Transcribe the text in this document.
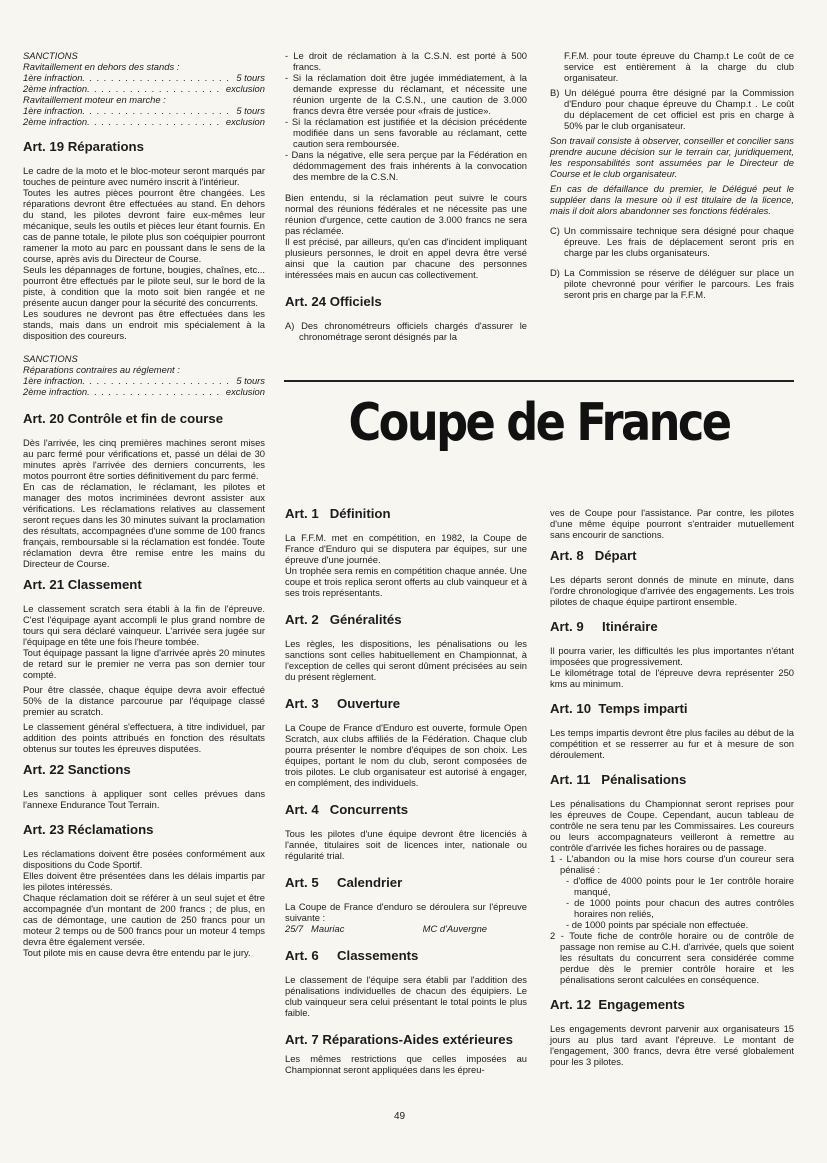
SANCTIONS
Ravitaillement en dehors des stands :
1ère infraction . . .	5 tours
2ème infraction . . .	exclusion
Ravitaillement moteur en marche :
1ère infraction . . .	5 tours
2ème infraction . . .	exclusion
Art. 19 Réparations

Le cadre de la moto et le bloc-moteur seront marqués par touches de peinture avec numéro inscrit à l'intérieur.

Toutes les autres pièces pourront être changées. Les réparations devront être effectuées au stand. En dehors du stand, les pilotes devront faire eux-mêmes leur mécanique, seuls les outils et pièces leur étant fournis. En cas de panne totale, le pilote plus son coéquipier pourront ramener la moto au parc en poussant dans le sens de la course, après avis du Directeur de Course.

Seuls les dépannages de fortune, bougies, chaînes, etc... pourront être effectués par le pilote seul, sur le bord de la piste, à condition que la moto soit bien rangée et ne présente aucun danger pour la sécurité des concurrents.

Les soudures ne devront pas être effectuées dans les stands, mais dans un endroit mis spécialement à la disposition des coureurs.

SANCTIONS
Réparations contraires au réglement :
1ère infraction . . .	5 tours
2ème infraction . . .	exclusion
Art. 20 Contrôle et fin de course

Dès l'arrivée, les cinq premières machines seront mises au parc fermé pour vérifications et, passé un délai de 30 minutes après l'arrivée des derniers concurrents, les motos pourront être sorties définitivement du parc fermé.

En cas de réclamation, le réclamant, les pilotes et manager des motos incriminées devront assister aux vérifications. Les réclamations relatives au classement seront reçues dans les 30 minutes suivant la proclamation des résultats, accompagnées d'une somme de 100 francs français, remboursable si la réclamation est fondée. Toute réclamation devra être remise entre les mains du Directeur de Course.

Art. 21 Classement

Le classement scratch sera établi à la fin de l'épreuve. C'est l'équipage ayant accompli le plus grand nombre de tours qui sera déclaré vainqueur. L'arrivée sera jugée sur l'équipage en tête une fois l'heure tombée.

Tout équipage passant la ligne d'arrivée après 20 minutes de retard sur le premier ne verra pas son dernier tour compté.

Pour être classée, chaque équipe devra avoir effectué 50% de la distance parcourue par l'équipage classé premier au scratch.

Le classement général s'effectuera, à titre individuel, par addition des points attribués en fonction des résultats obtenus sur toutes les épreuves disputées.

Art. 22 Sanctions

Les sanctions à appliquer sont celles prévues dans l'annexe Endurance Tout Terrain.

Art. 23 Réclamations

Les réclamations doivent être posées conformément aux dispositions du Code Sportif.

Elles doivent être présentées dans les délais impartis par les pilotes intéressés.

Chaque réclamation doit se référer à un seul sujet et être accompagnée d'un montant de 200 francs ; de plus, en cas de démontage, une caution de 250 francs pour un moteur 2 temps ou de 500 francs pour un moteur 4 temps devra être également versée.

Tout pilote mis en cause devra être entendu par le jury.

- Le droit de réclamation à la C.S.N. est porté à 500 francs.

- Si la réclamation doit être jugée immédiatement, à la demande expresse du réclamant, et nécessite une réunion urgente de la C.S.N., une caution de 3.000 francs devra être versée pour «frais de justice».

- Si la réclamation est justifiée et la décision précédente modifiée dans un sens favorable au réclamant, cette caution sera remboursée.

- Dans la négative, elle sera perçue par la Fédération en dédommagement des frais inhérents à la convocation des membre de la C.S.N.

Bien entendu, si la réclamation peut suivre le cours normal des réunions fédérales et ne nécessite pas une réunion d'urgence, cette caution de 3.000 francs ne sera pas réclamée.

Il est précisé, par ailleurs, qu'en cas d'incident impliquant plusieurs personnes, le droit en appel devra être versé ainsi que la caution par chacune des personnes intéressées mais en aucun cas collectivement.

Art. 24 Officiels

A) Des chronométreurs officiels chargés d'assurer le chronométrage seront désignés par la

F.F.M. pour toute épreuve du Champ.t Le coût de ce service est entièrement à la charge du club organisateur.

B) Un délégué pourra être désigné par la Commission d'Enduro pour chaque épreuve du Champ.t . Le coût du déplacement de cet officiel est pris en charge à 50% par le club organisateur.

Son travail consiste à observer, conseiller et concilier sans prendre aucune décision sur le terrain car, juridiquement, les responsabilités sont assumées par le Directeur de Course et le club organisateur.

En cas de défaillance du premier, le Délégué peut le suppléer dans la mesure où il est titulaire de la licence, mais il doit alors abandonner ses fonctions fédérales.

C) Un commissaire technique sera désigné pour chaque épreuve. Les frais de déplacement seront pris en charge par les clubs organisateurs.

D) La Commission se réserve de déléguer sur place un pilote chevronné pour vérifier le parcours. Les frais seront pris en charge par la F.F.M.

Coupe de France
Art. 1   Définition

La F.F.M. met en compétition, en 1982, la Coupe de France d'Enduro qui se disputera par équipes, sur une épreuve d'une journée.

Un trophée sera remis en compétition chaque année. Une coupe et trois replica seront offerts au club vainqueur et à ses trois représentants.

Art. 2   Généralités

Les règles, les dispositions, les pénalisations ou les sanctions sont celles habituellement en Championnat, à l'exception de celles qui seront dûment précisées au sein du présent règlement.

Art. 3     Ouverture

La Coupe de France d'Enduro est ouverte, formule Open Scratch, aux clubs affiliés de la Fédération. Chaque club pourra présenter le nombre d'équipes de son choix. Les équipes, portant le nom du club, seront composées de trois pilotes. Le club organisateur est autorisé à engager, en complément, des individuels.

Art. 4   Concurrents

Tous les pilotes d'une équipe devront être licenciés à l'année, titulaires soit de licences inter, nationale ou régularité trial.

Art. 5     Calendrier

La Coupe de France d'enduro se déroulera sur l'épreuve suivante :

25/7   Mauriac	MC d'Auvergne
Art. 6     Classements

Le classement de l'équipe sera établi par l'addition des pénalisations individuelles de chacun des équipiers. Le club vainqueur sera celui présentant le total points le plus faible.

Art. 7 Réparations-Aides extérieures

Les mêmes restrictions que celles imposées au Championnat seront appliquées dans les épreu-

ves de Coupe pour l'assistance. Par contre, les pilotes d'une même équipe pourront s'entraider mutuellement sans encourir de sanctions.

Art. 8   Départ

Les départs seront donnés de minute en minute, dans l'ordre chronologique d'arrivée des engagements. Les trois pilotes de chaque équipe partiront ensemble.

Art. 9     Itinéraire

Il pourra varier, les difficultés les plus importantes n'étant imposées que progressivement.

Le kilométrage total de l'épreuve devra représenter 250 kms au minimum.

Art. 10  Temps imparti

Les temps impartis devront être plus faciles au début de la compétition et se resserrer au fur et à mesure de son déroulement.

Art. 11   Pénalisations

Les pénalisations du Championnat seront reprises pour les épreuves de Coupe. Cependant, aucun tableau de contrôle ne sera tenu par les Commissaires. Les coureurs ou leurs accompagnateurs veilleront à remettre au contrôle d'arrivée les fiches horaires ou de passage.

1 - L'abandon ou la mise hors course d'un coureur sera pénalisé :

- d'office de 4000 points pour le 1er contrôle horaire manqué,

- de 1000 points pour chacun des autres contrôles horaires non reliés,

- de 1000 points par spéciale non effectuée.

2 - Toute fiche de contrôle horaire ou de contrôle de passage non remise au C.H. d'arrivée, quels que soient les résultats du concurrent sera considérée comme perdue dès le premier contrôle horaire et les pénalisations seront calculées en conséquence.

Art. 12  Engagements

Les engagements devront parvenir aux organisateurs 15 jours au plus tard avant l'épreuve. Le montant de l'engagement, 300 francs, devra être versé globalement pour les 3 pilotes.

49
